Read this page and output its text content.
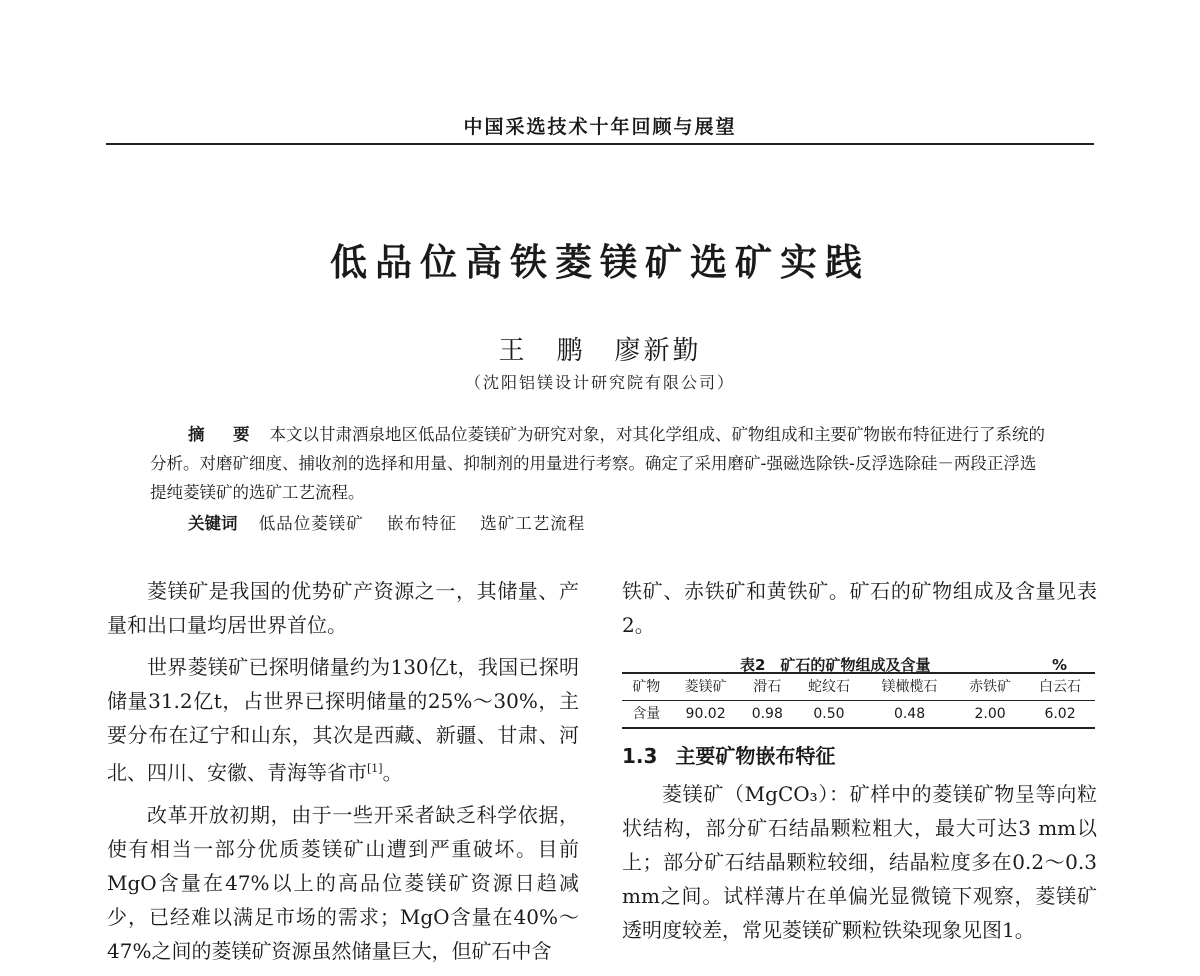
中国采选技术十年回顾与展望
低品位高铁菱镁矿选矿实践
王　鹏　廖新勤
（沈阳铝镁设计研究院有限公司）
摘　要 本文以甘肃酒泉地区低品位菱镁矿为研究对象，对其化学组成、矿物组成和主要矿物嵌布特征进行了系统的分析。对磨矿细度、捕收剂的选择和用量、抑制剂的用量进行考察。确定了采用磨矿-强磁选除铁-反浮选除硅－两段正浮选提纯菱镁矿的选矿工艺流程。
关键词 低品位菱镁矿 嵌布特征 选矿工艺流程

菱镁矿是我国的优势矿产资源之一，其储量、产量和出口量均居世界首位。

世界菱镁矿已探明储量约为130亿t，我国已探明储量31.2亿t，占世界已探明储量的25%～30%，主要分布在辽宁和山东，其次是西藏、新疆、甘肃、河北、四川、安徽、青海等省市[1]。

改革开放初期，由于一些开采者缺乏科学依据，使有相当一部分优质菱镁矿山遭到严重破坏。目前MgO含量在47%以上的高品位菱镁矿资源日趋减少，已经难以满足市场的需求；MgO含量在40%～47%之间的菱镁矿资源虽然储量巨大，但矿石中含

铁矿、赤铁矿和黄铁矿。矿石的矿物组成及含量见表2。

表2　矿石的矿物组成及含量	%
矿物	菱镁矿	滑石	蛇纹石	镁橄榄石	赤铁矿	白云石
含量	90.02	0.98	0.50	0.48	2.00	6.02
1.3 主要矿物嵌布特征

菱镁矿（MgCO₃）：矿样中的菱镁矿物呈等向粒状结构，部分矿石结晶颗粒粗大，最大可达3 mm以上；部分矿石结晶颗粒较细，结晶粒度多在0.2～0.3 mm之间。试样薄片在单偏光显微镜下观察，菱镁矿透明度较差，常见菱镁矿颗粒铁染现象见图1。
